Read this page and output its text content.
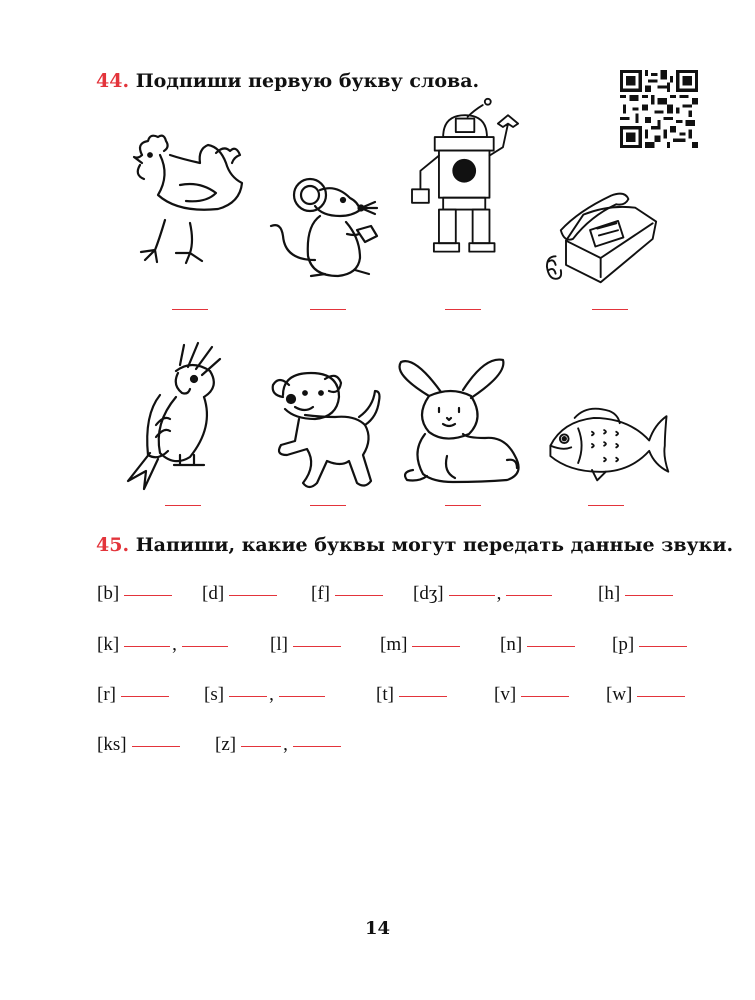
44. Подпиши первую букву слова.
45. Напиши, какие буквы могут передать данные звуки.
[b]	[d]	[f]	[dʒ]	,	[h]
[k]	,	[l]	[m]	[n]	[p]
[r]	[s] ,	[t]	[v]	[w]
[ks]	[z] ,
14
